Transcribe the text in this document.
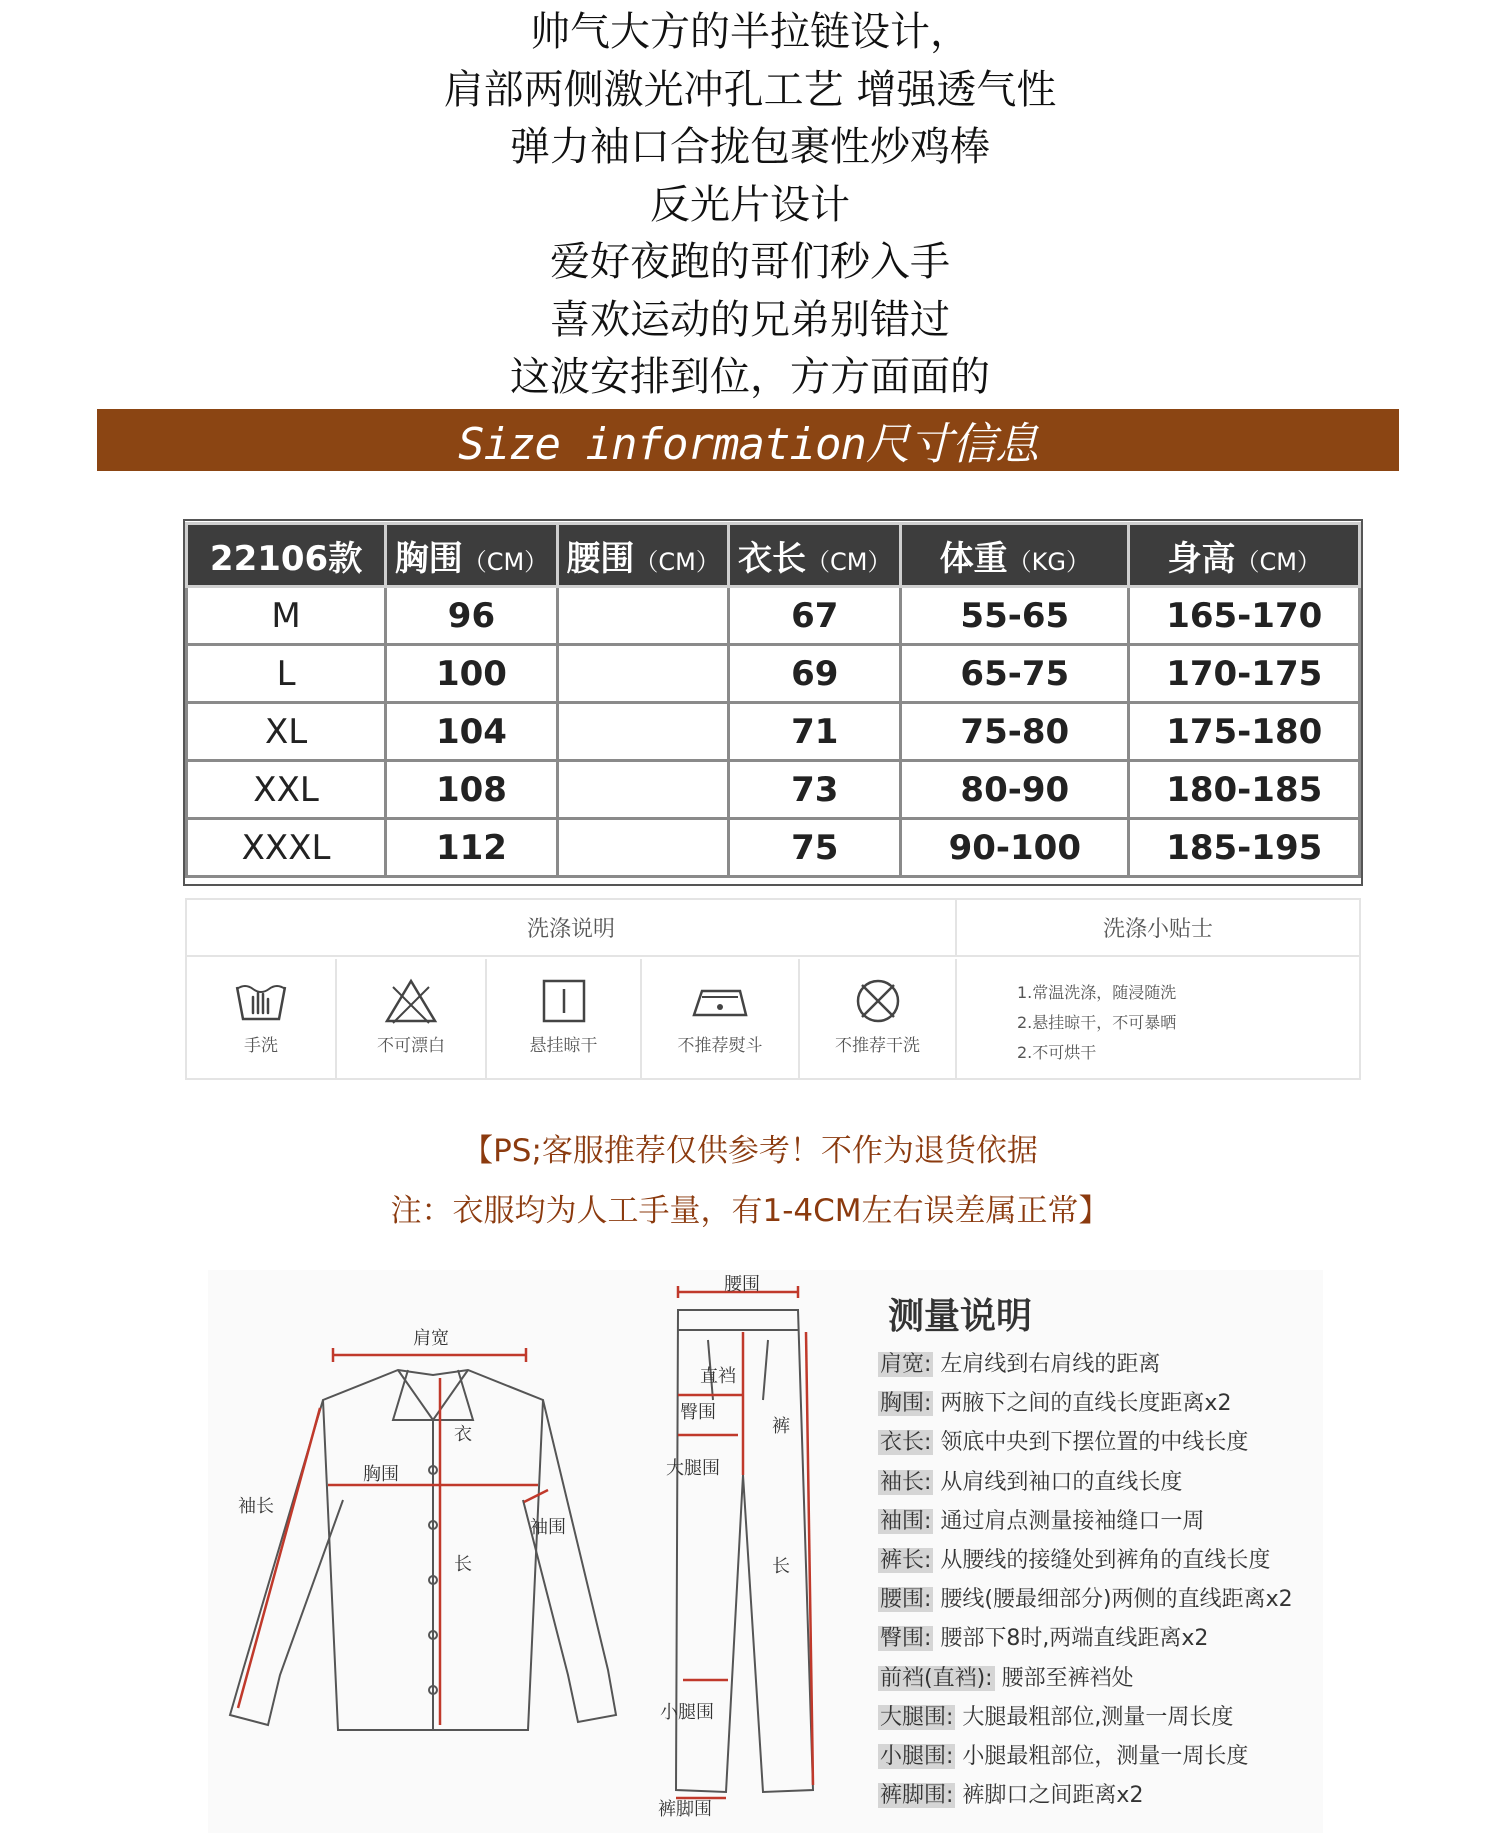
帅气大方的半拉链设计，
肩部两侧激光冲孔工艺 增强透气性
弹力袖口合拢包裹性炒鸡棒
反光片设计
爱好夜跑的哥们秒入手
喜欢运动的兄弟别错过
这波安排到位，方方面面的
Size information尺寸信息
22106款	胸围（CM）	腰围（CM）	衣长（CM）	体重（KG）	身高（CM）
M	96		67	55-65	165-170
L	100		69	65-75	170-175
XL	104		71	75-80	175-180
XXL	108		73	80-90	180-185
XXXL	112		75	90-100	185-195
洗涤说明	洗涤小贴士
手洗	不可漂白	悬挂晾干	不推荐熨斗	不推荐干洗
1.常温洗涤，随浸随洗
2.悬挂晾干，不可暴晒
2.不可烘干
【PS;客服推荐仅供参考！不作为退货依据
注：衣服均为人工手量，有1-4CM左右误差属正常】
肩宽
胸围
衣
长
袖长
袖围
腰围
直裆
臀围
大腿围
裤
长
小腿围
裤脚围
测量说明
肩宽: 左肩线到右肩线的距离
胸围: 两腋下之间的直线长度距离x2
衣长: 领底中央到下摆位置的中线长度
袖长: 从肩线到袖口的直线长度
袖围: 通过肩点测量接袖缝口一周
裤长: 从腰线的接缝处到裤角的直线长度
腰围: 腰线(腰最细部分)两侧的直线距离x2
臀围: 腰部下8时,两端直线距离x2
前裆(直裆): 腰部至裤裆处
大腿围: 大腿最粗部位,测量一周长度
小腿围: 小腿最粗部位，测量一周长度
裤脚围: 裤脚口之间距离x2
